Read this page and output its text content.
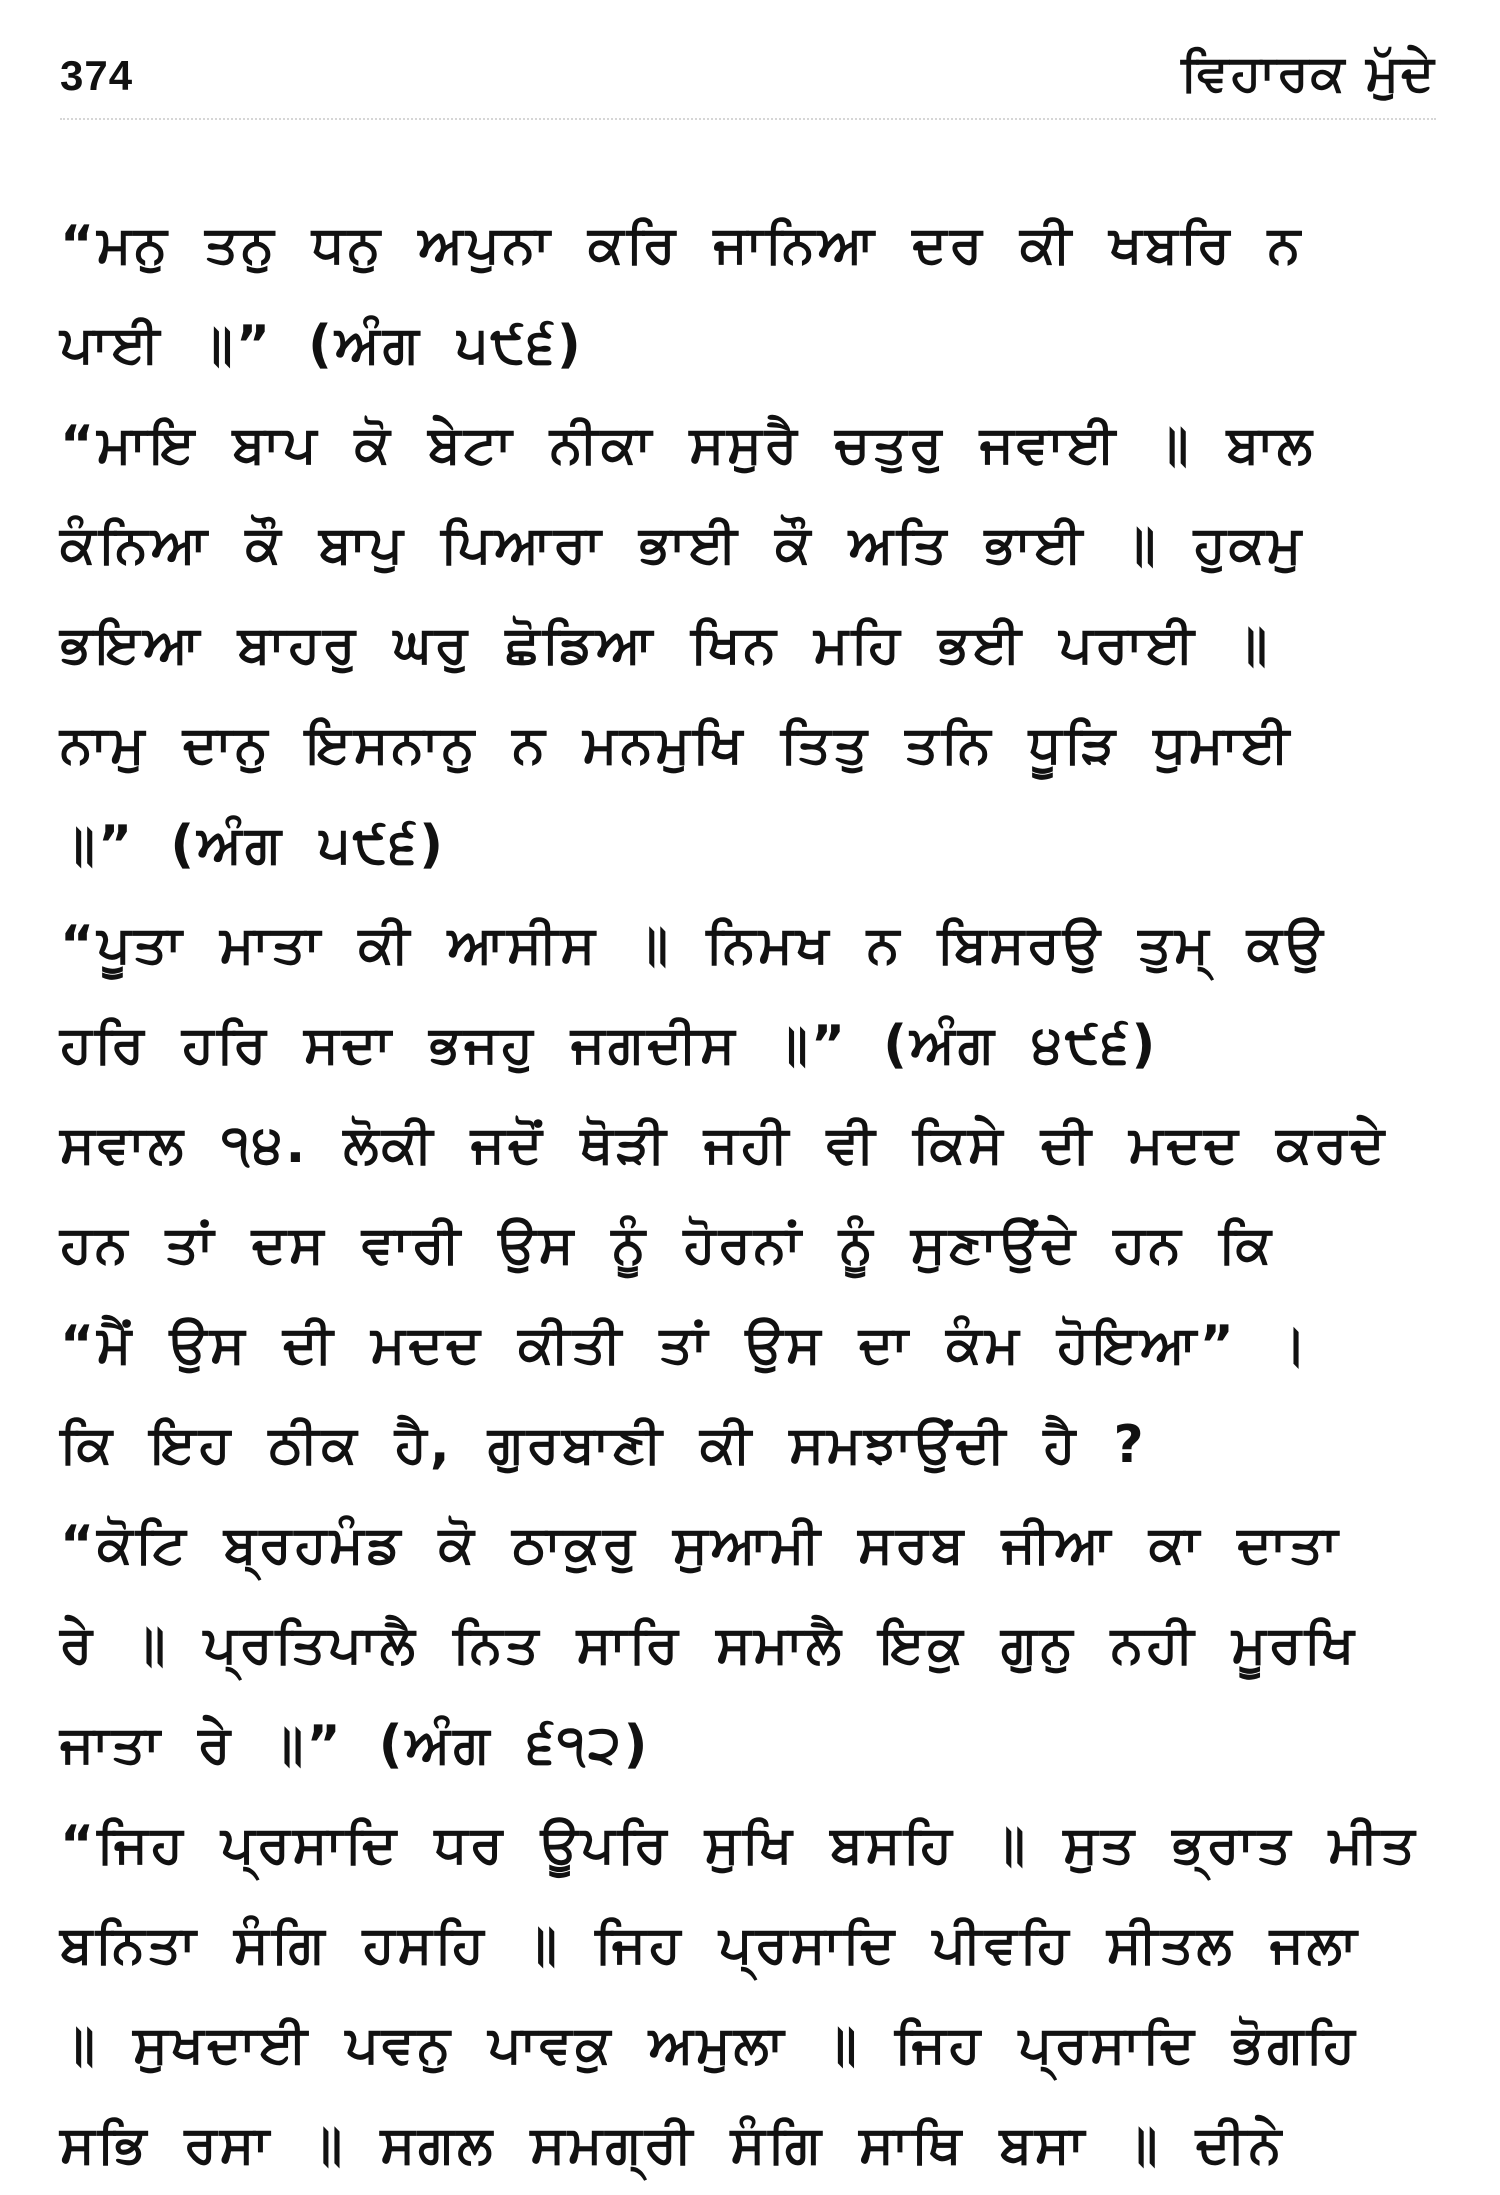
374	ਵਿਹਾਰਕ ਮੁੱਦੇ
“ਮਨੁ ਤਨੁ ਧਨੁ ਅਪੁਨਾ ਕਰਿ ਜਾਨਿਆ ਦਰ ਕੀ ਖਬਰਿ ਨ
ਪਾਈ ॥” (ਅੰਗ ੫੯੬)
“ਮਾਇ ਬਾਪ ਕੋ ਬੇਟਾ ਨੀਕਾ ਸਸੁਰੈ ਚਤੁਰੁ ਜਵਾਈ ॥ ਬਾਲ
ਕੰਨਿਆ ਕੌ ਬਾਪੁ ਪਿਆਰਾ ਭਾਈ ਕੌ ਅਤਿ ਭਾਈ ॥ ਹੁਕਮੁ
ਭਇਆ ਬਾਹਰੁ ਘਰੁ ਛੋਡਿਆ ਖਿਨ ਮਹਿ ਭਈ ਪਰਾਈ ॥
ਨਾਮੁ ਦਾਨੁ ਇਸਨਾਨੁ ਨ ਮਨਮੁਖਿ ਤਿਤੁ ਤਨਿ ਧੂੜਿ ਧੁਮਾਈ
॥” (ਅੰਗ ੫੯੬)
“ਪੂਤਾ ਮਾਤਾ ਕੀ ਆਸੀਸ ॥ ਨਿਮਖ ਨ ਬਿਸਰਉ ਤੁਮ੍ ਕਉ
ਹਰਿ ਹਰਿ ਸਦਾ ਭਜਹੁ ਜਗਦੀਸ ॥” (ਅੰਗ ੪੯੬)
ਸਵਾਲ ੧੪. ਲੋਕੀ ਜਦੋਂ ਥੋੜੀ ਜਹੀ ਵੀ ਕਿਸੇ ਦੀ ਮਦਦ ਕਰਦੇ
ਹਨ ਤਾਂ ਦਸ ਵਾਰੀ ਉਸ ਨੂੰ ਹੋਰਨਾਂ ਨੂੰ ਸੁਣਾਉਂਦੇ ਹਨ ਕਿ
“ਮੈਂ ਉਸ ਦੀ ਮਦਦ ਕੀਤੀ ਤਾਂ ਉਸ ਦਾ ਕੰਮ ਹੋਇਆ” ।
ਕਿ ਇਹ ਠੀਕ ਹੈ, ਗੁਰਬਾਣੀ ਕੀ ਸਮਝਾਉਂਦੀ ਹੈ ?
“ਕੋਟਿ ਬ੍ਰਹਮੰਡ ਕੋ ਠਾਕੁਰੁ ਸੁਆਮੀ ਸਰਬ ਜੀਆ ਕਾ ਦਾਤਾ
ਰੇ ॥ ਪ੍ਰਤਿਪਾਲੈ ਨਿਤ ਸਾਰਿ ਸਮਾਲੈ ਇਕੁ ਗੁਨੁ ਨਹੀ ਮੂਰਖਿ
ਜਾਤਾ ਰੇ ॥” (ਅੰਗ ੬੧੨)
“ਜਿਹ ਪ੍ਰਸਾਦਿ ਧਰ ਊਪਰਿ ਸੁਖਿ ਬਸਹਿ ॥ ਸੁਤ ਭ੍ਰਾਤ ਮੀਤ
ਬਨਿਤਾ ਸੰਗਿ ਹਸਹਿ ॥ ਜਿਹ ਪ੍ਰਸਾਦਿ ਪੀਵਹਿ ਸੀਤਲ ਜਲਾ
॥ ਸੁਖਦਾਈ ਪਵਨੁ ਪਾਵਕੁ ਅਮੁਲਾ ॥ ਜਿਹ ਪ੍ਰਸਾਦਿ ਭੋਗਹਿ
ਸਭਿ ਰਸਾ ॥ ਸਗਲ ਸਮਗ੍ਰੀ ਸੰਗਿ ਸਾਥਿ ਬਸਾ ॥ ਦੀਨੇ
